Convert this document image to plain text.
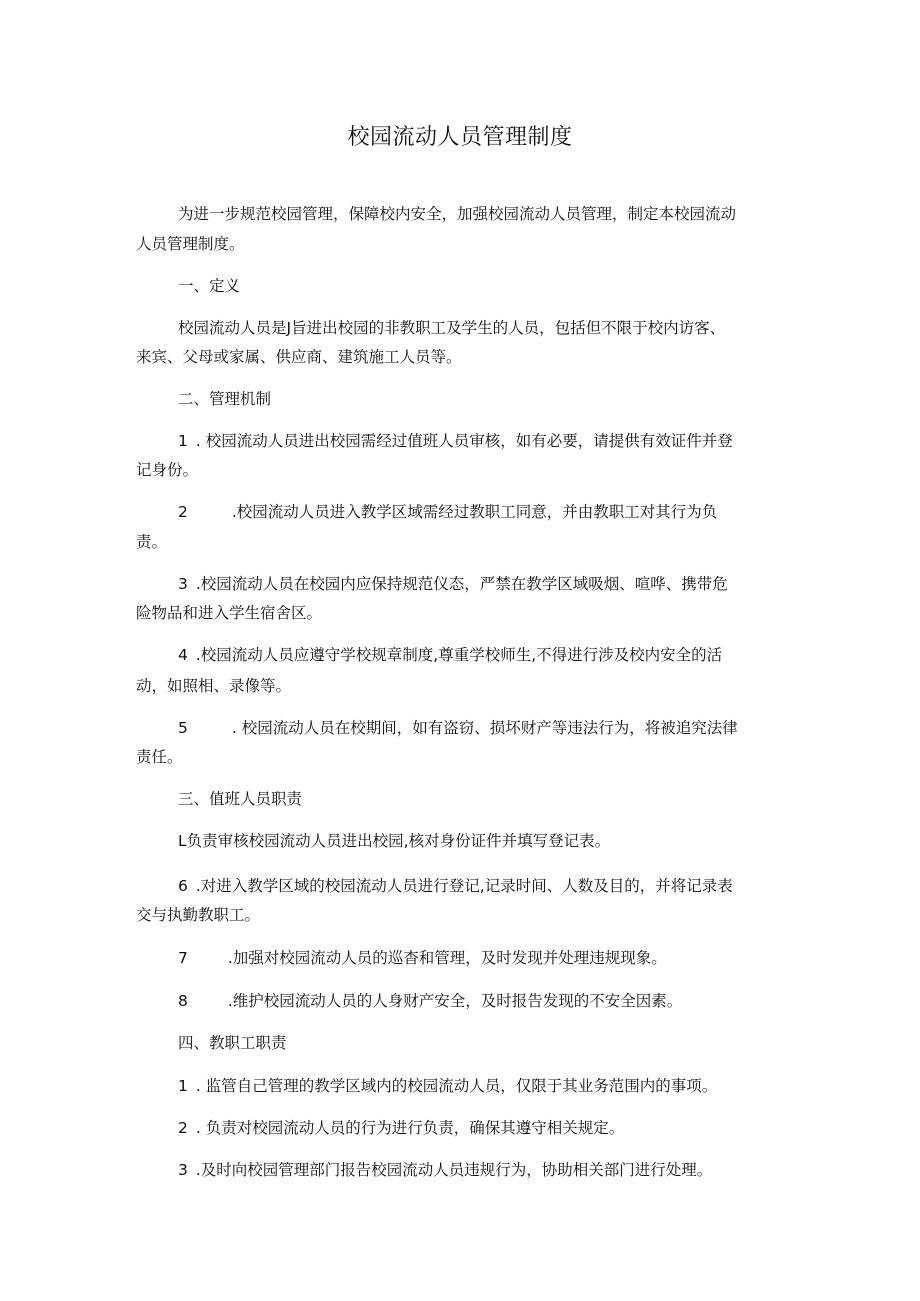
校园流动人员管理制度
为进一步规范校园管理，保障校内安全，加强校园流动人员管理，制定本校园流动
人员管理制度。
一、定义
校园流动人员是J旨进出校园的非教职工及学生的人员，包括但不限于校内访客、
来宾、父母或家属、供应商、建筑施工人员等。
二、管理机制
1 . 校园流动人员进出校园需经过值班人员审核，如有必要，请提供有效证件并登
记身份。
2	.校园流动人员进入教学区域需经过教职工同意，并由教职工对其行为负
责。
3 .校园流动人员在校园内应保持规范仪态，严禁在教学区域吸烟、喧哗、携带危
险物品和进入学生宿舍区。
4 .校园流动人员应遵守学校规章制度,尊重学校师生,不得进行涉及校内安全的活
动，如照相、录像等。
5	. 校园流动人员在校期间，如有盗窃、损坏财产等违法行为，将被追究法律
责任。
三、值班人员职责
L负责审核校园流动人员进出校园,核对身份证件并填写登记表。
6 .对进入教学区域的校园流动人员进行登记,记录时间、人数及目的，并将记录表
交与执勤教职工。
7	.加强对校园流动人员的巡杳和管理，及时发现并处理违规现象。
8	.维护校园流动人员的人身财产安全，及时报告发现的不安全因素。
四、教职工职责
1 . 监管自己管理的教学区域内的校园流动人员，仅限于其业务范围内的事项。
2 . 负责对校园流动人员的行为进行负责，确保其遵守相关规定。
3 .及时向校园管理部门报告校园流动人员违规行为，协助相关部门进行处理。
